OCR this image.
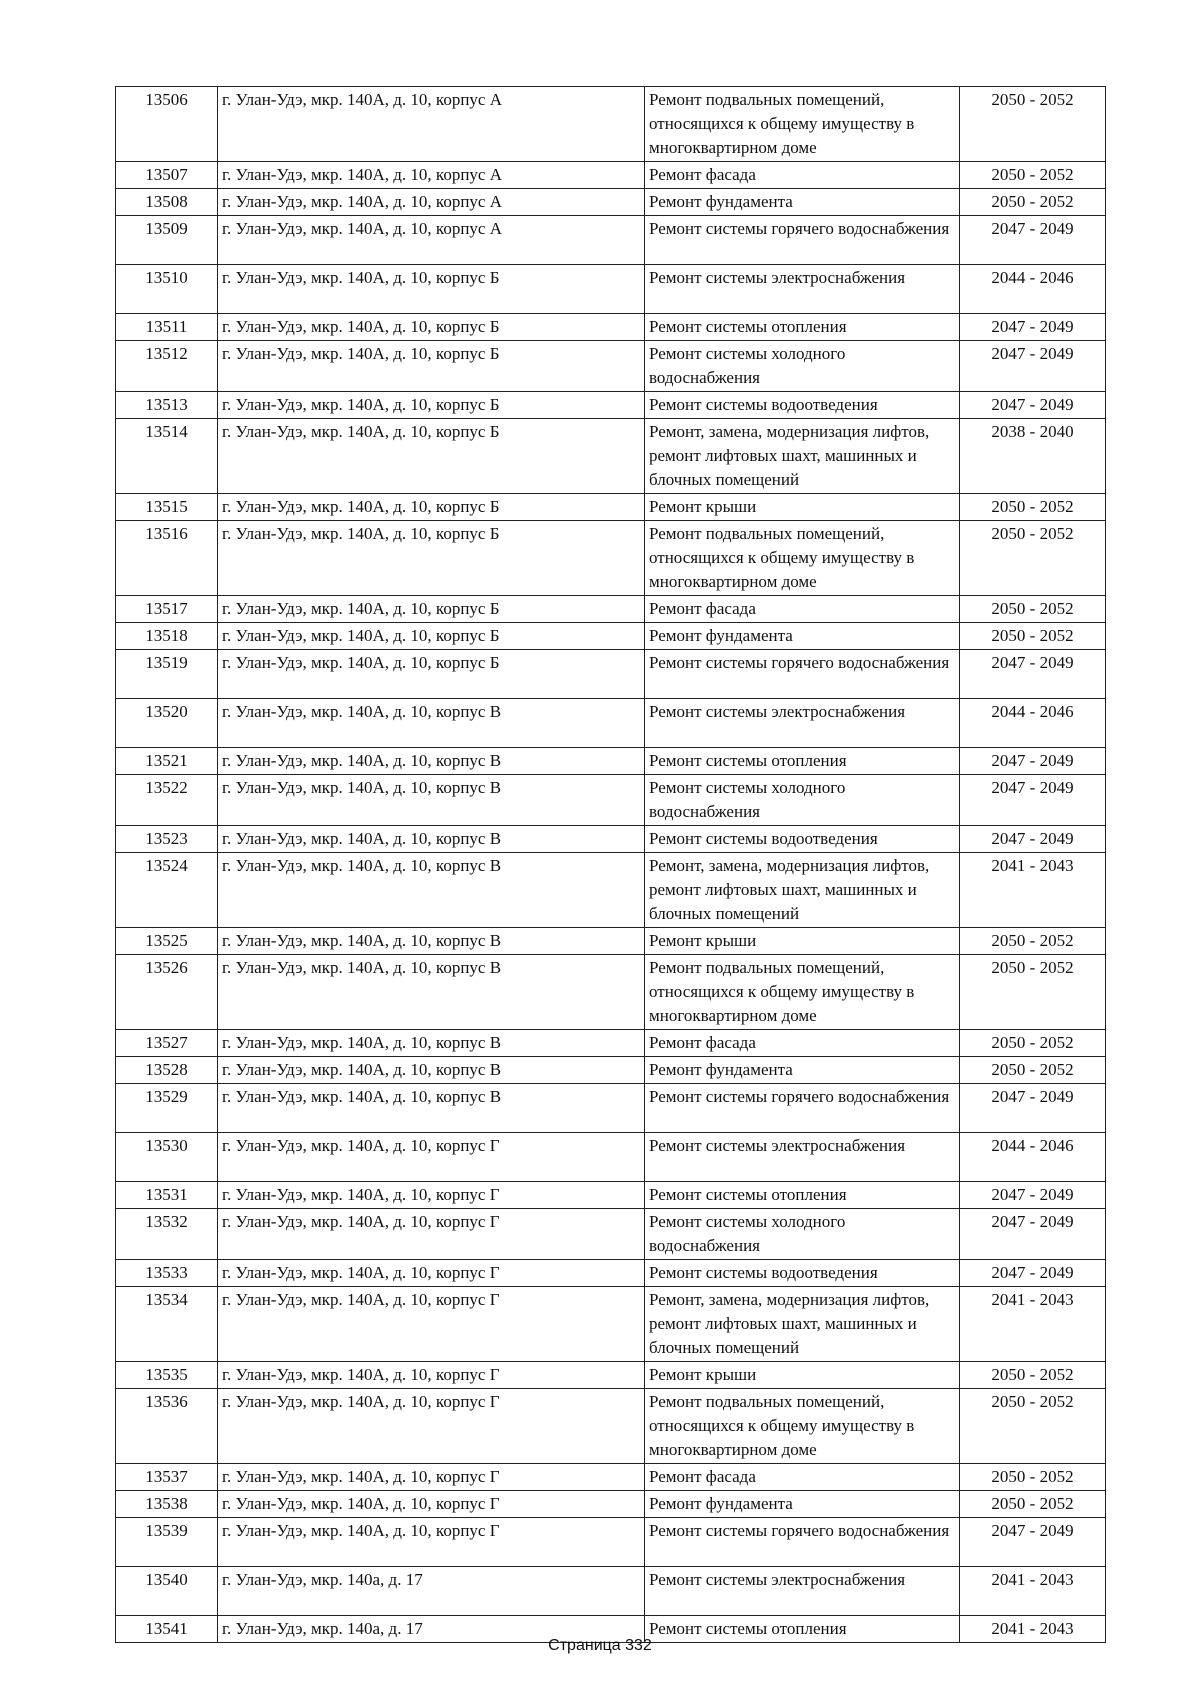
13506	г. Улан-Удэ, мкр. 140А, д. 10, корпус А	Ремонт подвальных помещений, относящихся к общему имуществу в многоквартирном доме	2050 - 2052
13507	г. Улан-Удэ, мкр. 140А, д. 10, корпус А	Ремонт фасада	2050 - 2052
13508	г. Улан-Удэ, мкр. 140А, д. 10, корпус А	Ремонт фундамента	2050 - 2052
13509	г. Улан-Удэ, мкр. 140А, д. 10, корпус А	Ремонт системы горячего водоснабжения	2047 - 2049
13510	г. Улан-Удэ, мкр. 140А, д. 10, корпус Б	Ремонт системы электроснабжения	2044 - 2046
13511	г. Улан-Удэ, мкр. 140А, д. 10, корпус Б	Ремонт системы отопления	2047 - 2049
13512	г. Улан-Удэ, мкр. 140А, д. 10, корпус Б	Ремонт системы холодного водоснабжения	2047 - 2049
13513	г. Улан-Удэ, мкр. 140А, д. 10, корпус Б	Ремонт системы водоотведения	2047 - 2049
13514	г. Улан-Удэ, мкр. 140А, д. 10, корпус Б	Ремонт, замена, модернизация лифтов, ремонт лифтовых шахт, машинных и блочных помещений	2038 - 2040
13515	г. Улан-Удэ, мкр. 140А, д. 10, корпус Б	Ремонт крыши	2050 - 2052
13516	г. Улан-Удэ, мкр. 140А, д. 10, корпус Б	Ремонт подвальных помещений, относящихся к общему имуществу в многоквартирном доме	2050 - 2052
13517	г. Улан-Удэ, мкр. 140А, д. 10, корпус Б	Ремонт фасада	2050 - 2052
13518	г. Улан-Удэ, мкр. 140А, д. 10, корпус Б	Ремонт фундамента	2050 - 2052
13519	г. Улан-Удэ, мкр. 140А, д. 10, корпус Б	Ремонт системы горячего водоснабжения	2047 - 2049
13520	г. Улан-Удэ, мкр. 140А, д. 10, корпус В	Ремонт системы электроснабжения	2044 - 2046
13521	г. Улан-Удэ, мкр. 140А, д. 10, корпус В	Ремонт системы отопления	2047 - 2049
13522	г. Улан-Удэ, мкр. 140А, д. 10, корпус В	Ремонт системы холодного водоснабжения	2047 - 2049
13523	г. Улан-Удэ, мкр. 140А, д. 10, корпус В	Ремонт системы водоотведения	2047 - 2049
13524	г. Улан-Удэ, мкр. 140А, д. 10, корпус В	Ремонт, замена, модернизация лифтов, ремонт лифтовых шахт, машинных и блочных помещений	2041 - 2043
13525	г. Улан-Удэ, мкр. 140А, д. 10, корпус В	Ремонт крыши	2050 - 2052
13526	г. Улан-Удэ, мкр. 140А, д. 10, корпус В	Ремонт подвальных помещений, относящихся к общему имуществу в многоквартирном доме	2050 - 2052
13527	г. Улан-Удэ, мкр. 140А, д. 10, корпус В	Ремонт фасада	2050 - 2052
13528	г. Улан-Удэ, мкр. 140А, д. 10, корпус В	Ремонт фундамента	2050 - 2052
13529	г. Улан-Удэ, мкр. 140А, д. 10, корпус В	Ремонт системы горячего водоснабжения	2047 - 2049
13530	г. Улан-Удэ, мкр. 140А, д. 10, корпус Г	Ремонт системы электроснабжения	2044 - 2046
13531	г. Улан-Удэ, мкр. 140А, д. 10, корпус Г	Ремонт системы отопления	2047 - 2049
13532	г. Улан-Удэ, мкр. 140А, д. 10, корпус Г	Ремонт системы холодного водоснабжения	2047 - 2049
13533	г. Улан-Удэ, мкр. 140А, д. 10, корпус Г	Ремонт системы водоотведения	2047 - 2049
13534	г. Улан-Удэ, мкр. 140А, д. 10, корпус Г	Ремонт, замена, модернизация лифтов, ремонт лифтовых шахт, машинных и блочных помещений	2041 - 2043
13535	г. Улан-Удэ, мкр. 140А, д. 10, корпус Г	Ремонт крыши	2050 - 2052
13536	г. Улан-Удэ, мкр. 140А, д. 10, корпус Г	Ремонт подвальных помещений, относящихся к общему имуществу в многоквартирном доме	2050 - 2052
13537	г. Улан-Удэ, мкр. 140А, д. 10, корпус Г	Ремонт фасада	2050 - 2052
13538	г. Улан-Удэ, мкр. 140А, д. 10, корпус Г	Ремонт фундамента	2050 - 2052
13539	г. Улан-Удэ, мкр. 140А, д. 10, корпус Г	Ремонт системы горячего водоснабжения	2047 - 2049
13540	г. Улан-Удэ, мкр. 140а, д. 17	Ремонт системы электроснабжения	2041 - 2043
13541	г. Улан-Удэ, мкр. 140а, д. 17	Ремонт системы отопления	2041 - 2043
Страница 332
